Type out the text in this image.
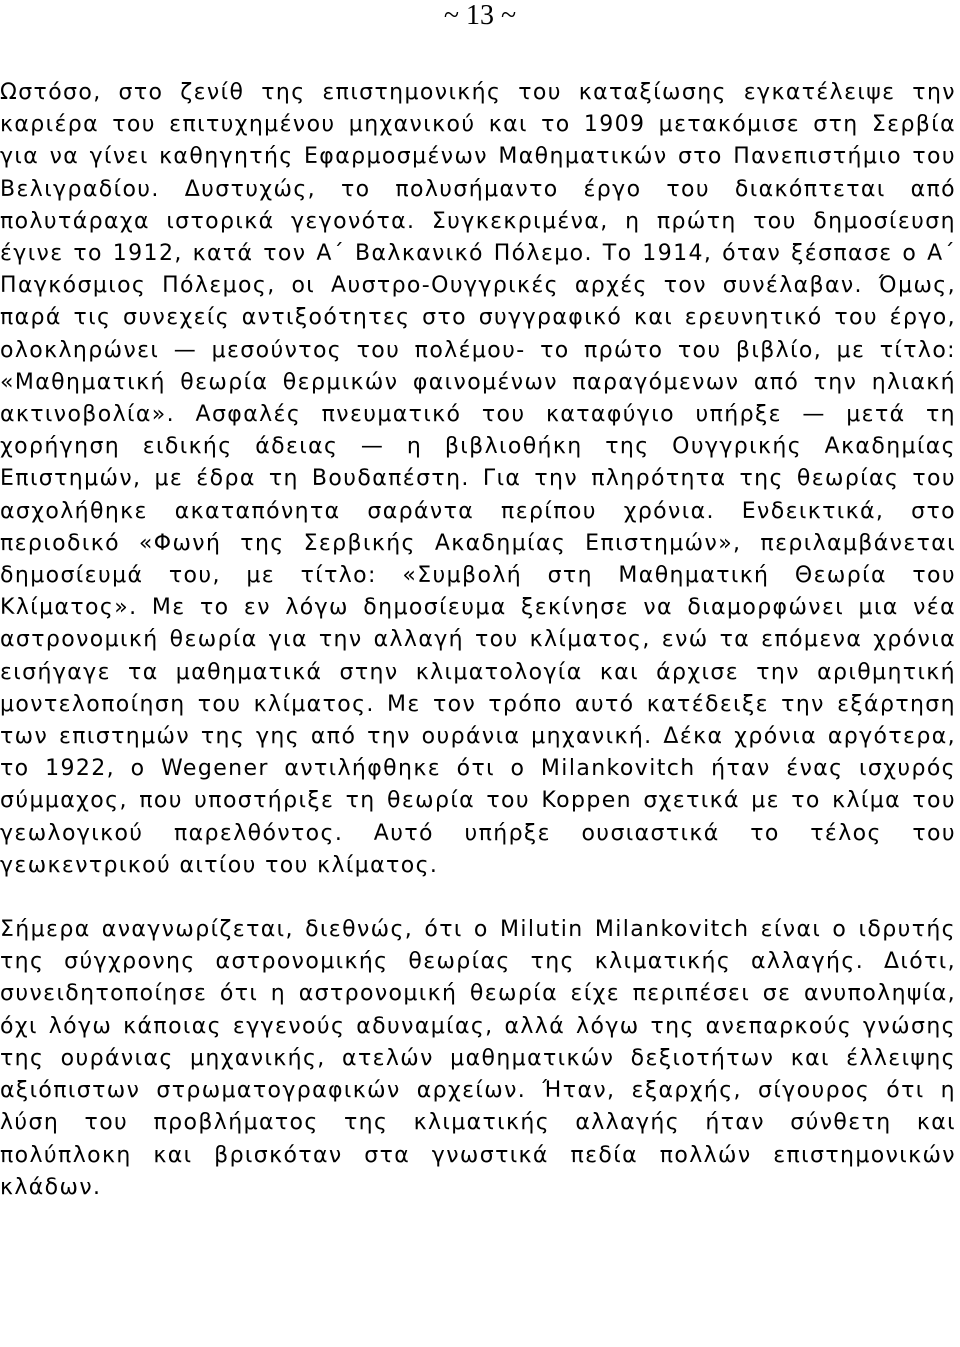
~ 13 ~

Ωστόσο, στο ζενίθ της επιστημονικής του καταξίωσης εγκατέλειψε την καριέρα του επιτυχημένου μηχανικού και το 1909 μετακόμισε στη Σερβία για να γίνει καθηγητής Εφαρμοσμένων Μαθηματικών στο Πανεπιστήμιο του Βελιγραδίου. Δυστυχώς, το πολυσήμαντο έργο του διακόπτεται από πολυτάραχα ιστορικά γεγονότα. Συγκεκριμένα, η πρώτη του δημοσίευση έγινε το 1912, κατά τον Α΄ Βαλκανικό Πόλεμο. Το 1914, όταν ξέσπασε ο Α΄ Παγκόσμιος Πόλεμος, οι Αυστρο-Ουγγρικές αρχές τον συνέλαβαν. Όμως, παρά τις συνεχείς αντιξοότητες στο συγγραφικό και ερευνητικό του έργο, ολοκληρώνει — μεσούντος του πολέμου- το πρώτο του βιβλίο, με τίτλο: «Μαθηματική θεωρία θερμικών φαινομένων παραγόμενων από την ηλιακή ακτινοβολία». Ασφαλές πνευματικό του καταφύγιο υπήρξε — μετά τη χορήγηση ειδικής άδειας — η βιβλιοθήκη της Ουγγρικής Ακαδημίας Επιστημών, με έδρα τη Βουδαπέστη. Για την πληρότητα της θεωρίας του ασχολήθηκε ακαταπόνητα σαράντα περίπου χρόνια. Ενδεικτικά, στο περιοδικό «Φωνή της Σερβικής Ακαδημίας Επιστημών», περιλαμβάνεται δημοσίευμά του, με τίτλο: «Συμβολή στη Μαθηματική Θεωρία του Κλίματος». Με το εν λόγω δημοσίευμα ξεκίνησε να διαμορφώνει μια νέα αστρονομική θεωρία για την αλλαγή του κλίματος, ενώ τα επόμενα χρόνια εισήγαγε τα μαθηματικά στην κλιματολογία και άρχισε την αριθμητική μοντελοποίηση του κλίματος. Με τον τρόπο αυτό κατέδειξε την εξάρτηση των επιστημών της γης από την ουράνια μηχανική. Δέκα χρόνια αργότερα, το 1922, ο Wegener αντιλήφθηκε ότι ο Milankovitch ήταν ένας ισχυρός σύμμαχος, που υποστήριξε τη θεωρία του Koppen σχετικά με το κλίμα του γεωλογικού παρελθόντος. Αυτό υπήρξε ουσιαστικά το τέλος του γεωκεντρικού αιτίου του κλίματος.

Σήμερα αναγνωρίζεται, διεθνώς, ότι ο Milutin Milankovitch είναι ο ιδρυτής της σύγχρονης αστρονομικής θεωρίας της κλιματικής αλλαγής. Διότι, συνειδητοποίησε ότι η αστρονομική θεωρία είχε περιπέσει σε ανυποληψία, όχι λόγω κάποιας εγγενούς αδυναμίας, αλλά λόγω της ανεπαρκούς γνώσης της ουράνιας μηχανικής, ατελών μαθηματικών δεξιοτήτων και έλλειψης αξιόπιστων στρωματογραφικών αρχείων. Ήταν, εξαρχής, σίγουρος ότι η λύση του προβλήματος της κλιματικής αλλαγής ήταν σύνθετη και πολύπλοκη και βρισκόταν στα γνωστικά πεδία πολλών επιστημονικών κλάδων.
